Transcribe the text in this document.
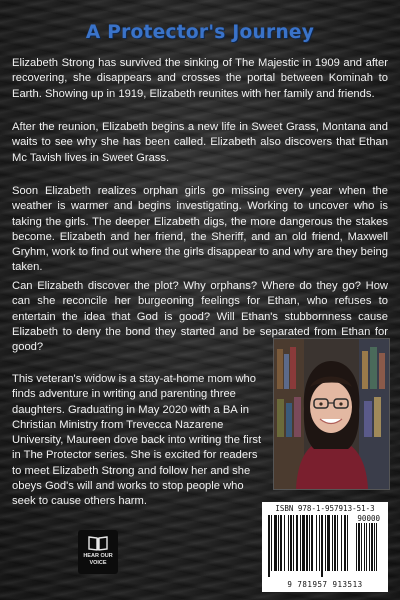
A Protector's Journey

Elizabeth Strong has survived the sinking of The Majestic in 1909 and after recovering, she disappears and crosses the portal between Kominah to Earth. Showing up in 1919, Elizabeth reunites with her family and friends.

After the reunion, Elizabeth begins a new life in Sweet Grass, Montana and waits to see why she has been called. Elizabeth also discovers that Ethan Mc Tavish lives in Sweet Grass.

Soon Elizabeth realizes orphan girls go missing every year when the weather is warmer and begins investigating. Working to uncover who is taking the girls. The deeper Elizabeth digs, the more dangerous the stakes become. Elizabeth and her friend, the Sheriff, and an old friend, Maxwell Gryhm, work to find out where the girls disappear to and why are they being taken.

Can Elizabeth discover the plot? Why orphans? Where do they go? How can she reconcile her burgeoning feelings for Ethan, who refuses to entertain the idea that God is good? Will Ethan's stubbornness cause Elizabeth to deny the bond they started and be separated from Ethan for good?

This veteran's widow is a stay-at-home mom who finds adventure in writing and parenting three daughters. Graduating in May 2020 with a BA in Christian Ministry from Trevecca Nazarene University, Maureen dove back into writing the first in The Protector series. She is excited for readers to meet Elizabeth Strong and follow her and she obeys God's will and works to stop people who seek to cause others harm.

HEAR OUR
VOICE
ISBN 978-1-957913-51-3
90000
9 781957 913513
